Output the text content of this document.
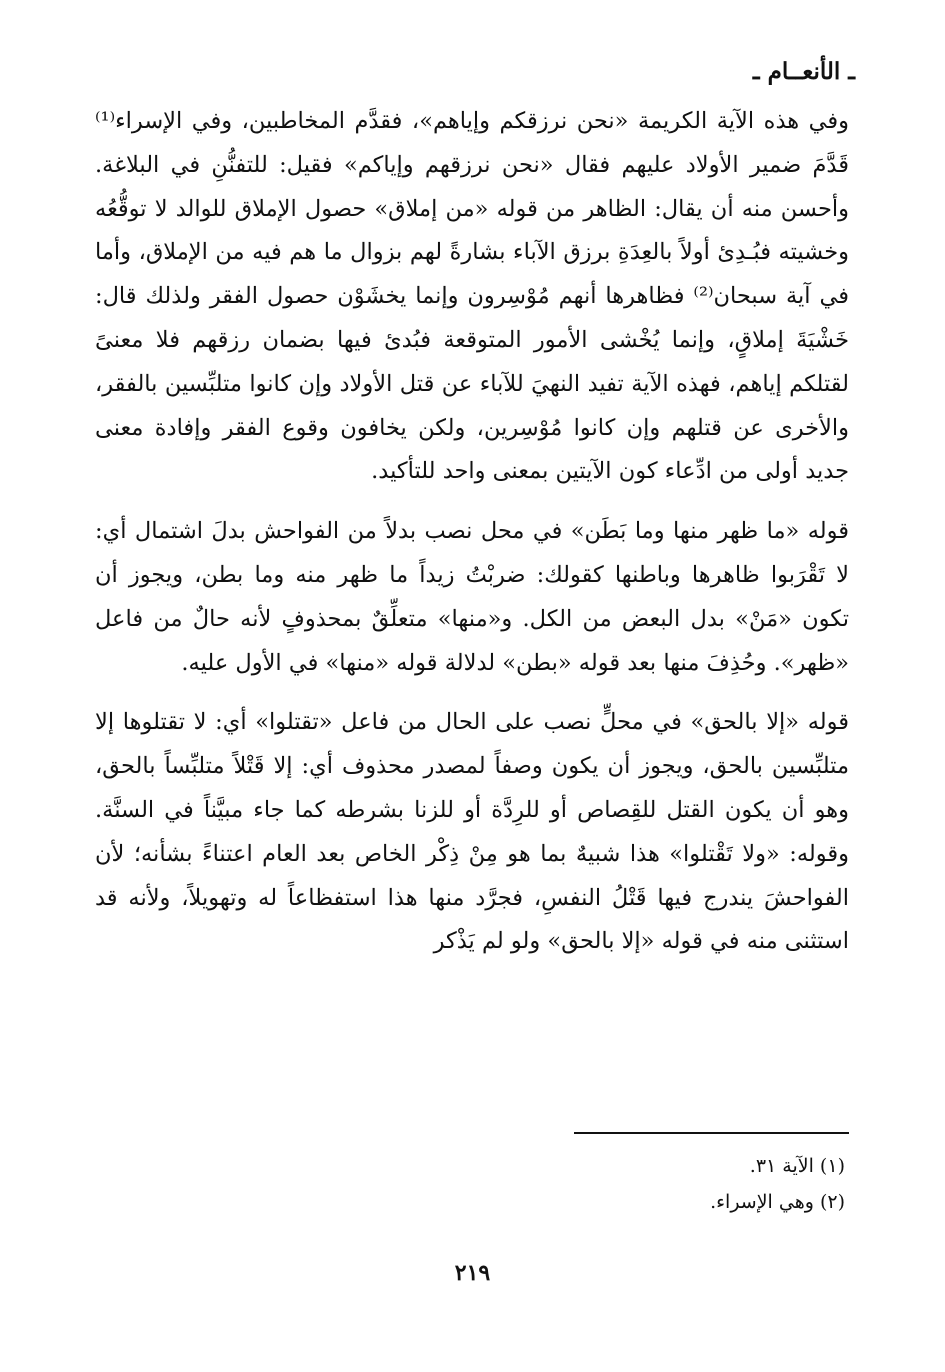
ـ الأنعــام ـ

وفي هذه الآية الكريمة «نحن نرزقكم وإياهم»، فقدَّم المخاطبين، وفي الإسراء⁽¹⁾ قَدَّمَ ضمير الأولاد عليهم فقال «نحن نرزقهم وإياكم» فقيل: للتفنُّنِ في البلاغة. وأحسن منه أن يقال: الظاهر من قوله «من إملاق» حصول الإملاق للوالد لا توقُّعُه وخشيته فبُـدِئ أولاً بالعِدَةِ برزق الآباء بشارةً لهم بزوال ما هم فيه من الإملاق، وأما في آية سبحان⁽²⁾ فظاهرها أنهم مُوْسِرون وإنما يخشَوْن حصول الفقر ولذلك قال: خَشْيَةَ إملاقٍ، وإنما يُخْشى الأمور المتوقعة فبُدئ فيها بضمان رزقهم فلا معنىً لقتلكم إياهم، فهذه الآية تفيد النهيَ للآباء عن قتل الأولاد وإن كانوا متلبِّسين بالفقر، والأخرى عن قتلهم وإن كانوا مُوْسِرين، ولكن يخافون وقوع الفقر وإفادة معنى جديد أولى من ادِّعاء كون الآيتين بمعنى واحد للتأكيد.

قوله «ما ظهر منها وما بَطَن» في محل نصب بدلاً من الفواحش بدلَ اشتمال أي: لا تَقْرَبوا ظاهرها وباطنها كقولك: ضربْتُ زيداً ما ظهر منه وما بطن، ويجوز أن تكون «مَنْ» بدل البعض من الكل. و«منها» متعلِّقٌ بمحذوفٍ لأنه حالٌ من فاعل «ظهر». وحُذِفَ منها بعد قوله «بطن» لدلالة قوله «منها» في الأول عليه.

قوله «إلا بالحق» في محلٍّ نصب على الحال من فاعل «تقتلوا» أي: لا تقتلوها إلا متلبِّسين بالحق، ويجوز أن يكون وصفاً لمصدر محذوف أي: إلا قَتْلاً متلبِّساً بالحق، وهو أن يكون القتل للقِصاص أو للرِدَّة أو للزنا بشرطه كما جاء مبيَّناً في السنَّة. وقوله: «ولا تَقْتلوا» هذا شبيهٌ بما هو مِنْ ذِكْر الخاص بعد العام اعتناءً بشأنه؛ لأن الفواحشَ يندرج فيها قَتْلُ النفسِ، فجرَّد منها هذا استفظاعاً له وتهويلاً، ولأنه قد استثنى منه في قوله «إلا بالحق» ولو لم يَذْكر

(١) الآية ٣١.

(٢) وهي الإسراء.

٢١٩
